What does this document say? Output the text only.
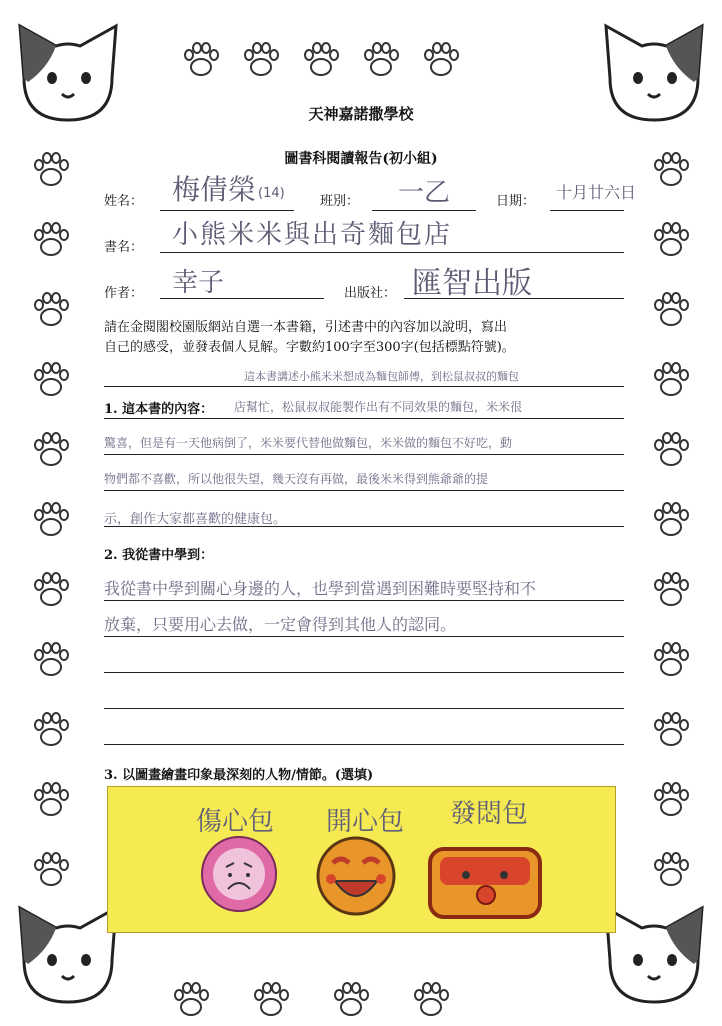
天神嘉諾撒學校
圖書科閱讀報告(初小組)
姓名： 梅倩榮 (14)
班別： 一乙	日期： 十月廿六日
書名： 小熊米米與出奇麵包店
作者： 幸子	出版社： 匯智出版
請在金閱閣校園版網站自選一本書籍，引述書中的內容加以說明，寫出
自己的感受，並發表個人見解。字數約100字至300字(包括標點符號)。
這本書講述小熊米米想成為麵包師傅，到松鼠叔叔的麵包
1. 這本書的內容： 店幫忙，松鼠叔叔能製作出有不同效果的麵包，米米很
驚喜，但是有一天他病倒了，米米要代替他做麵包，米米做的麵包不好吃，動
物們都不喜歡，所以他很失望，幾天沒有再做，最後米米得到熊爺爺的提
示，創作大家都喜歡的健康包。
2. 我從書中學到：
我從書中學到關心身邊的人，也學到當遇到困難時要堅持和不
放棄，只要用心去做，一定會得到其他人的認同。
3. 以圖畫繪畫印象最深刻的人物/情節。(選填)
傷心包 開心包 發悶包
